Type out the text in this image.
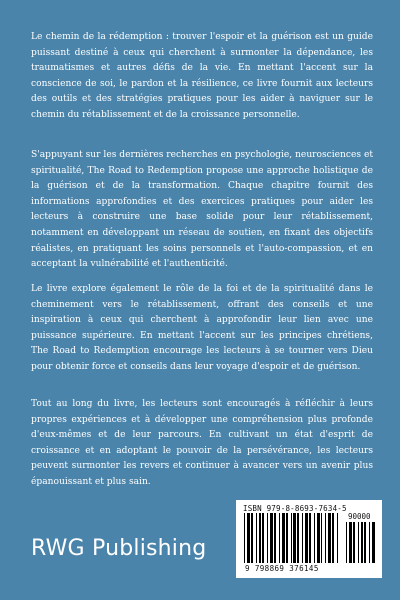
Le chemin de la rédemption : trouver l'espoir et la guérison est un guide puissant destiné à ceux qui cherchent à surmonter la dépendance, les traumatismes et autres défis de la vie. En mettant l'accent sur la conscience de soi, le pardon et la résilience, ce livre fournit aux lecteurs des outils et des stratégies pratiques pour les aider à naviguer sur le chemin du rétablissement et de la croissance personnelle.

S'appuyant sur les dernières recherches en psychologie, neurosciences et spiritualité, The Road to Redemption propose une approche holistique de la guérison et de la transformation. Chaque chapitre fournit des informations approfondies et des exercices pratiques pour aider les lecteurs à construire une base solide pour leur rétablissement, notamment en développant un réseau de soutien, en fixant des objectifs réalistes, en pratiquant les soins personnels et l'auto-compassion, et en acceptant la vulnérabilité et l'authenticité.

Le livre explore également le rôle de la foi et de la spiritualité dans le cheminement vers le rétablissement, offrant des conseils et une inspiration à ceux qui cherchent à approfondir leur lien avec une puissance supérieure. En mettant l'accent sur les principes chrétiens, The Road to Redemption encourage les lecteurs à se tourner vers Dieu pour obtenir force et conseils dans leur voyage d'espoir et de guérison.

Tout au long du livre, les lecteurs sont encouragés à réfléchir à leurs propres expériences et à développer une compréhension plus profonde d'eux-mêmes et de leur parcours. En cultivant un état d'esprit de croissance et en adoptant le pouvoir de la persévérance, les lecteurs peuvent surmonter les revers et continuer à avancer vers un avenir plus épanouissant et plus sain.

RWG Publishing
ISBN 979-8-8693-7634-5
90000
9 798869 376145
